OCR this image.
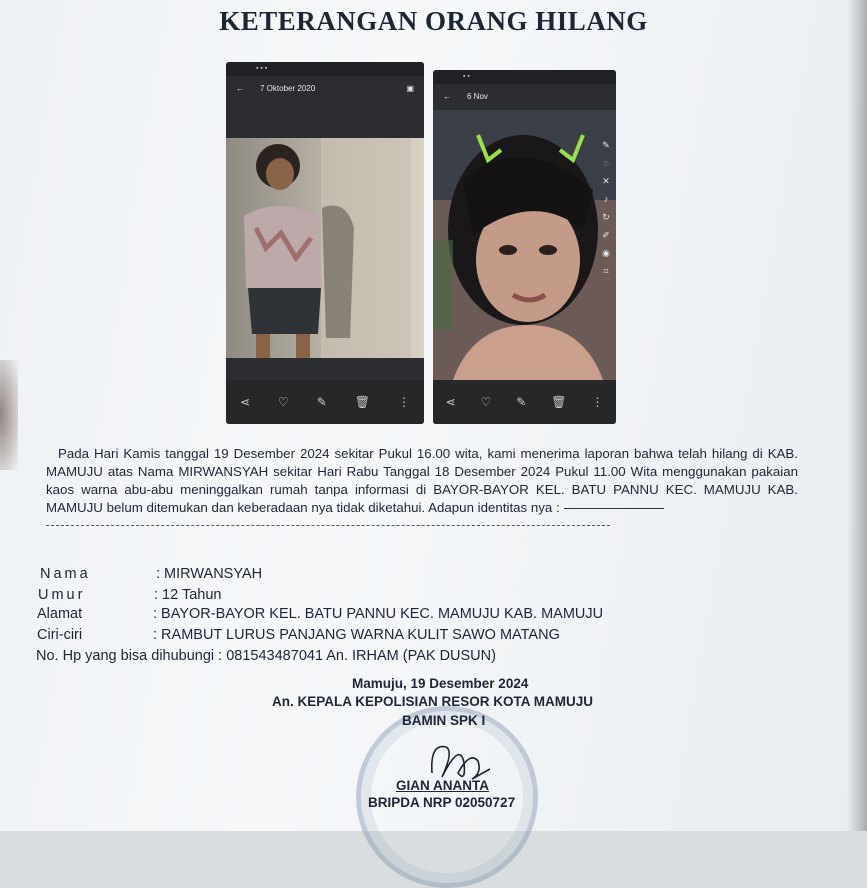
KETERANGAN ORANG HILANG
▪ ▪ ▪
← 7 Oktober 2020	▣
⋖ ♡ ✎ 🗑 ⋮
▪ ▪
← 6 Nov
✎
◌
✕
♪
↻
✐
◉
⌗
⋖ ♡ ✎ 🗑 ⋮

Pada Hari Kamis tanggal 19 Desember 2024 sekitar Pukul 16.00 wita, kami menerima laporan bahwa telah hilang di KAB. MAMUJU atas Nama MIRWANSYAH sekitar Hari Rabu Tanggal 18 Desember 2024 Pukul 11.00 Wita menggunakan pakaian kaos warna abu-abu meninggalkan rumah tanpa informasi di BAYOR-BAYOR KEL. BATU PANNU KEC. MAMUJU KAB. MAMUJU belum ditemukan dan keberadaan nya tidak diketahui. Adapun identitas nya :

Nama	: MIRWANSYAH
Umur	: 12 Tahun
Alamat	: BAYOR-BAYOR KEL. BATU PANNU KEC. MAMUJU KAB. MAMUJU
Ciri-ciri	: RAMBUT LURUS PANJANG WARNA KULIT SAWO MATANG
No. Hp yang bisa dihubungi : 081543487041 An. IRHAM (PAK DUSUN)
Mamuju, 19 Desember 2024
An. KEPALA KEPOLISIAN RESOR KOTA MAMUJU
BAMIN SPK I
GIAN ANANTA
BRIPDA NRP 02050727
